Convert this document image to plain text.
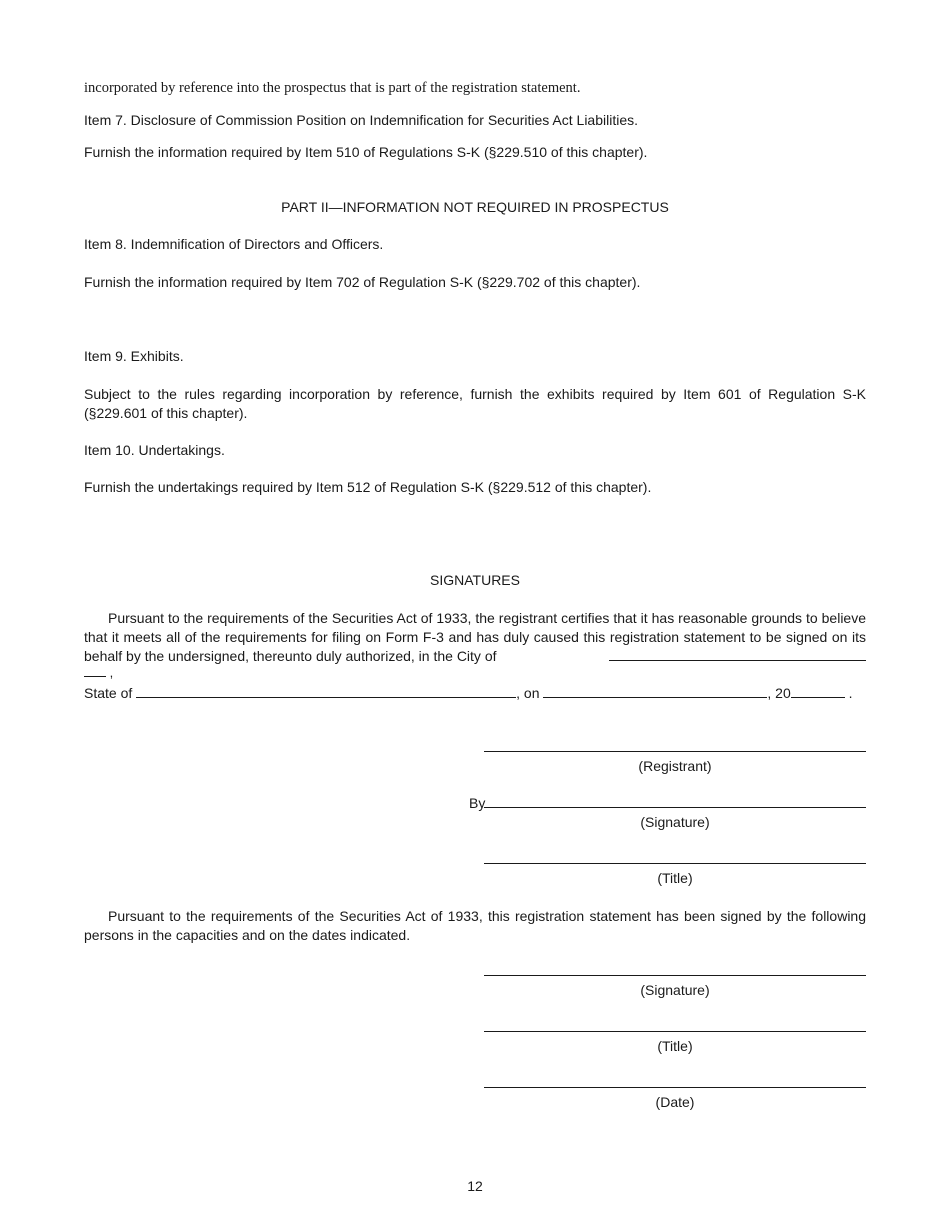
incorporated by reference into the prospectus that is part of the registration statement.
Item 7. Disclosure of Commission Position on Indemnification for Securities Act Liabilities.
Furnish the information required by Item 510 of Regulations S-K (§229.510 of this chapter).
PART II—INFORMATION NOT REQUIRED IN PROSPECTUS
Item 8. Indemnification of Directors and Officers.
Furnish the information required by Item 702 of Regulation S-K (§229.702 of this chapter).
Item 9. Exhibits.
Subject to the rules regarding incorporation by reference, furnish the exhibits required by Item 601 of Regulation S-K (§229.601 of this chapter).
Item 10. Undertakings.
Furnish the undertakings required by Item 512 of Regulation S-K (§229.512 of this chapter).
SIGNATURES
Pursuant to the requirements of the Securities Act of 1933, the registrant certifies that it has reasonable grounds to believe that it meets all of the requirements for filing on Form F-3 and has duly caused this registration statement to be signed on its behalf by the undersigned, thereunto duly authorized, in the City of
,
State of	, on	, 20	.
(Registrant)
By
(Signature)
(Title)
Pursuant to the requirements of the Securities Act of 1933, this registration statement has been signed by the following persons in the capacities and on the dates indicated.
(Signature)
(Title)
(Date)
12
